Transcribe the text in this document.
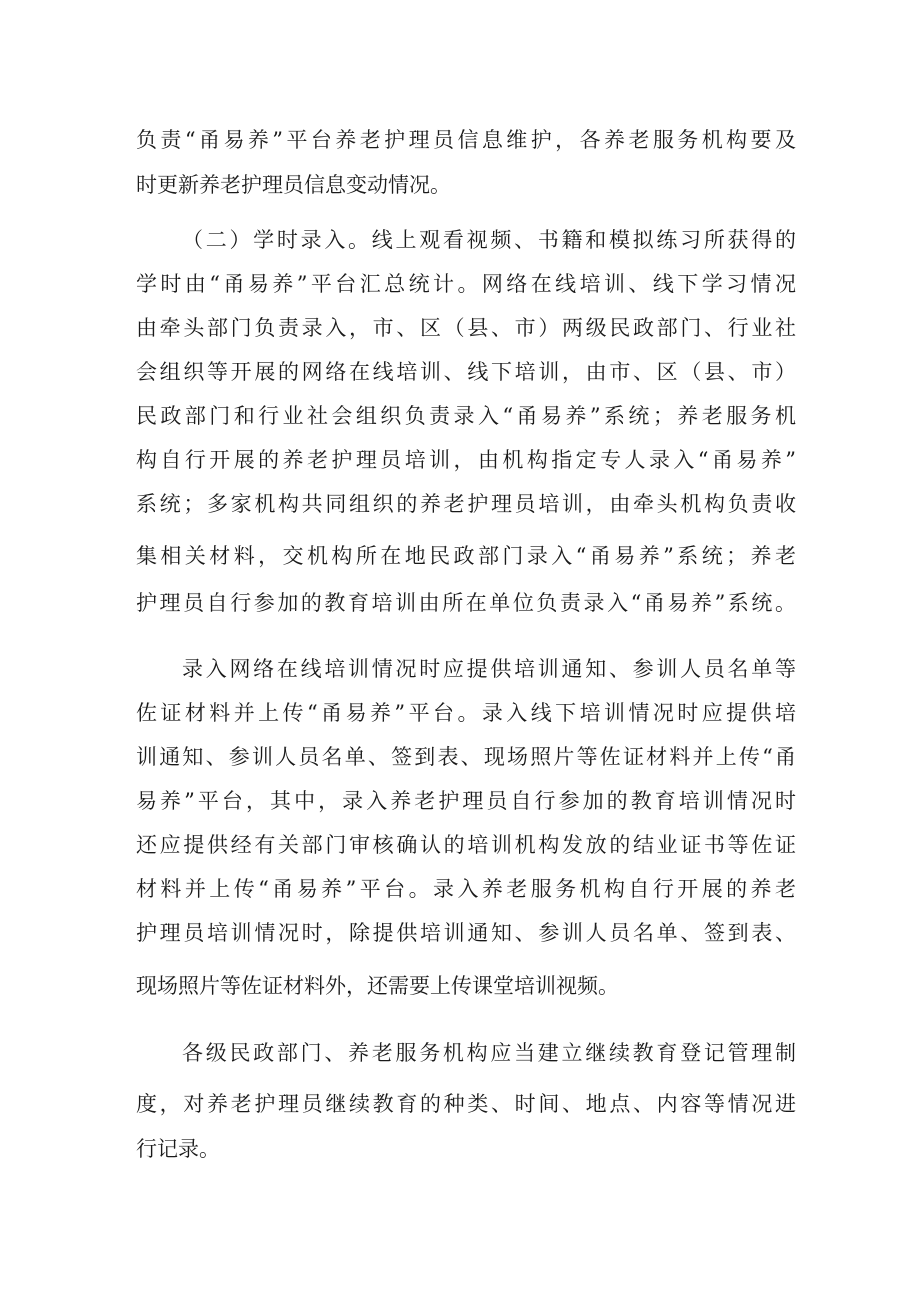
负责“甬易养”平台养老护理员信息维护，各养老服务机构要及
时更新养老护理员信息变动情况。
（二）学时录入。线上观看视频、书籍和模拟练习所获得的
学时由“甬易养”平台汇总统计。网络在线培训、线下学习情况
由牵头部门负责录入，市、区（县、市）两级民政部门、行业社
会组织等开展的网络在线培训、线下培训，由市、区（县、市）
民政部门和行业社会组织负责录入“甬易养”系统；养老服务机
构自行开展的养老护理员培训，由机构指定专人录入“甬易养”
系统；多家机构共同组织的养老护理员培训，由牵头机构负责收
集相关材料，交机构所在地民政部门录入“甬易养”系统；养老
护理员自行参加的教育培训由所在单位负责录入“甬易养”系统。
录入网络在线培训情况时应提供培训通知、参训人员名单等
佐证材料并上传“甬易养”平台。录入线下培训情况时应提供培
训通知、参训人员名单、签到表、现场照片等佐证材料并上传“甬
易养”平台，其中，录入养老护理员自行参加的教育培训情况时
还应提供经有关部门审核确认的培训机构发放的结业证书等佐证
材料并上传“甬易养”平台。录入养老服务机构自行开展的养老
护理员培训情况时，除提供培训通知、参训人员名单、签到表、
现场照片等佐证材料外，还需要上传课堂培训视频。
各级民政部门、养老服务机构应当建立继续教育登记管理制
度，对养老护理员继续教育的种类、时间、地点、内容等情况进
行记录。
